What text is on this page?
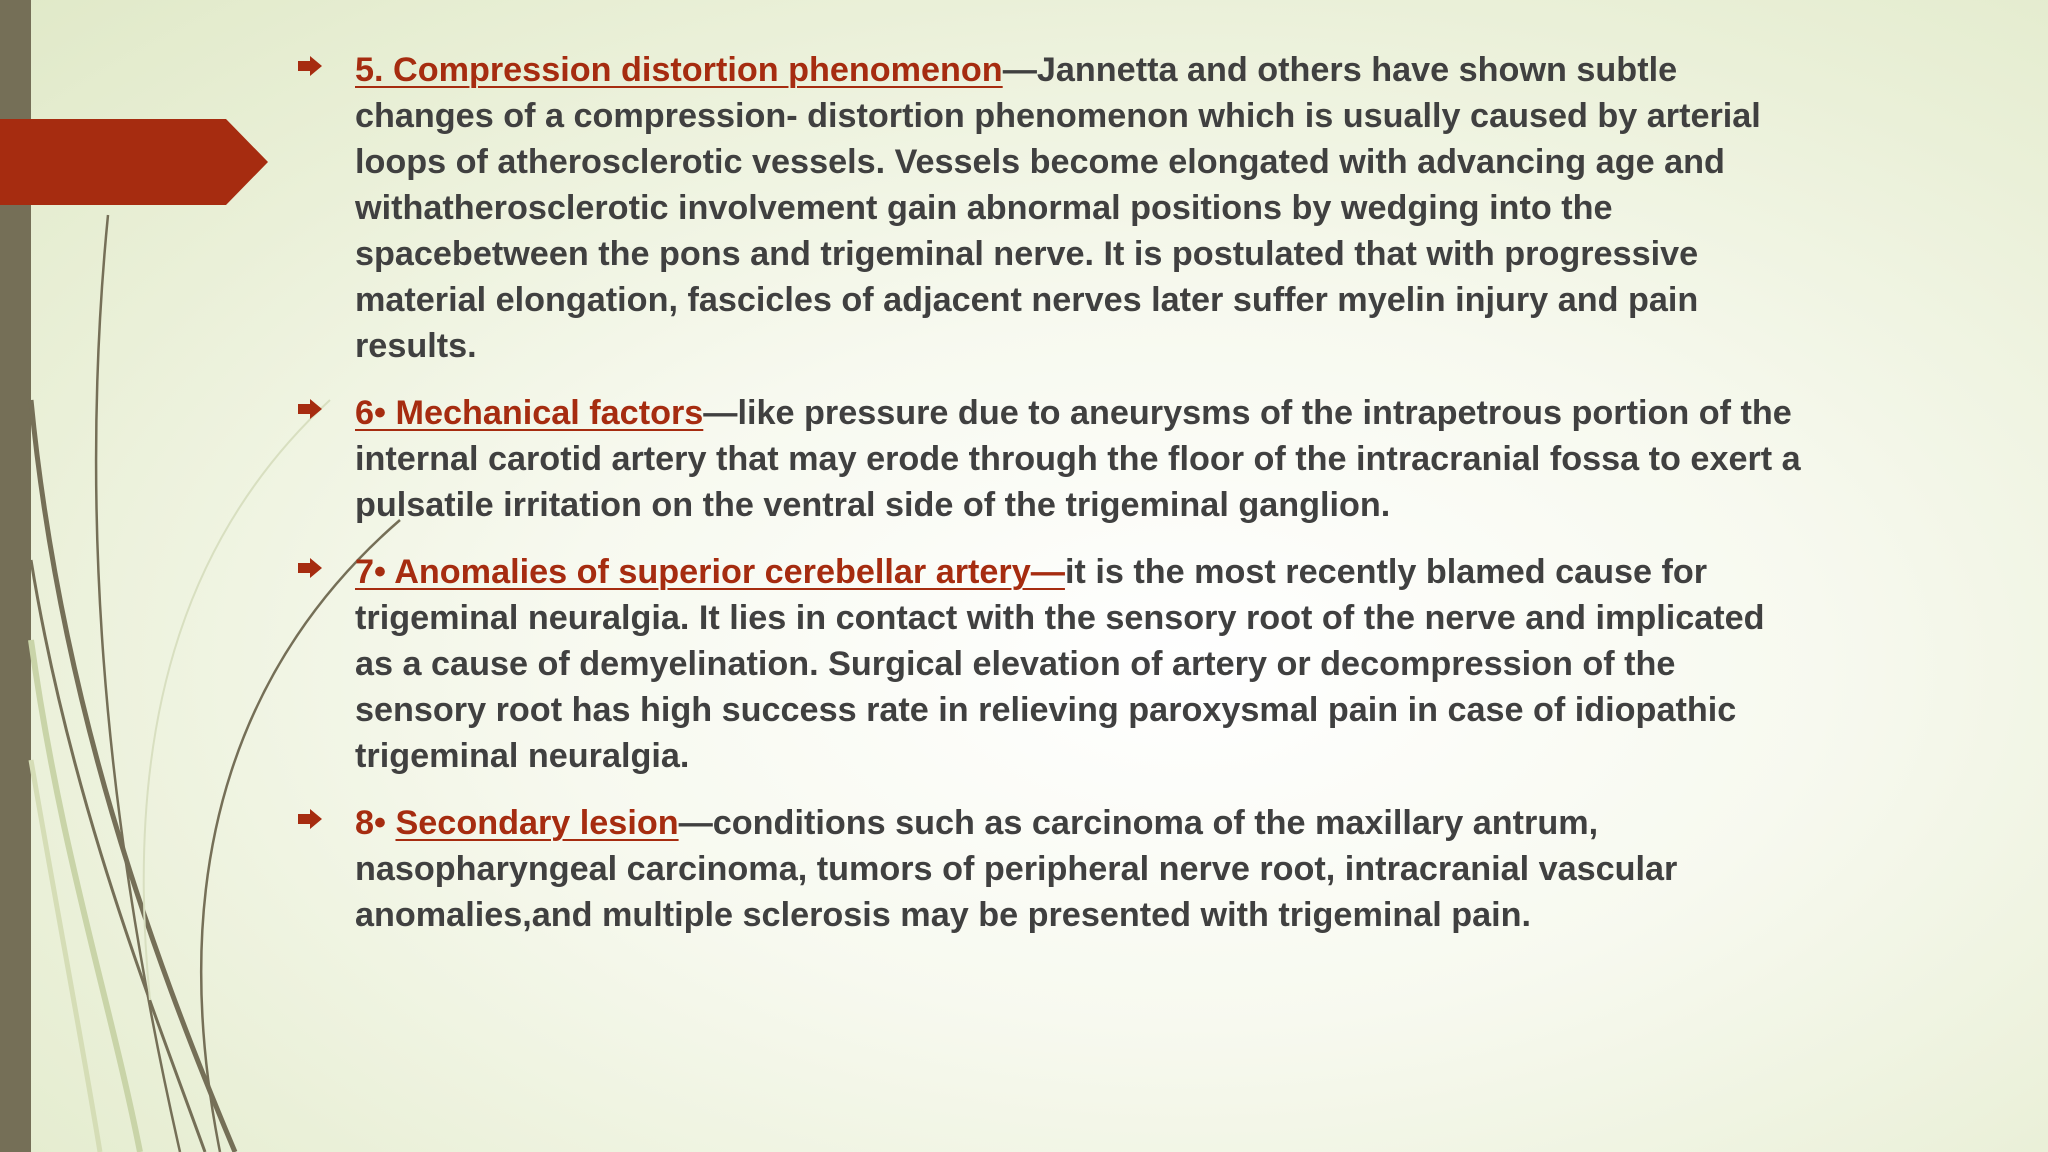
5. Compression distortion phenomenon—Jannetta and others have shown subtle
changes of a compression- distortion phenomenon which is usually caused by arterial
loops of atherosclerotic vessels. Vessels become elongated with advancing age and
withatherosclerotic involvement gain abnormal positions by wedging into the
spacebetween the pons and trigeminal nerve. It is postulated that with progressive
material elongation, fascicles of adjacent nerves later suffer myelin injury and pain
results.
6• Mechanical factors—like pressure due to aneurysms of the intrapetrous portion of the
internal carotid artery that may erode through the floor of the intracranial fossa to exert a
pulsatile irritation on the ventral side of the trigeminal ganglion.
7• Anomalies of superior cerebellar artery—it is the most recently blamed cause for
trigeminal neuralgia. It lies in contact with the sensory root of the nerve and implicated
as a cause of demyelination. Surgical elevation of artery or decompression of the
sensory root has high success rate in relieving paroxysmal pain in case of idiopathic
trigeminal neuralgia.
8• Secondary lesion—conditions such as carcinoma of the maxillary antrum,
nasopharyngeal carcinoma, tumors of peripheral nerve root, intracranial vascular
anomalies,and multiple sclerosis may be presented with trigeminal pain.
